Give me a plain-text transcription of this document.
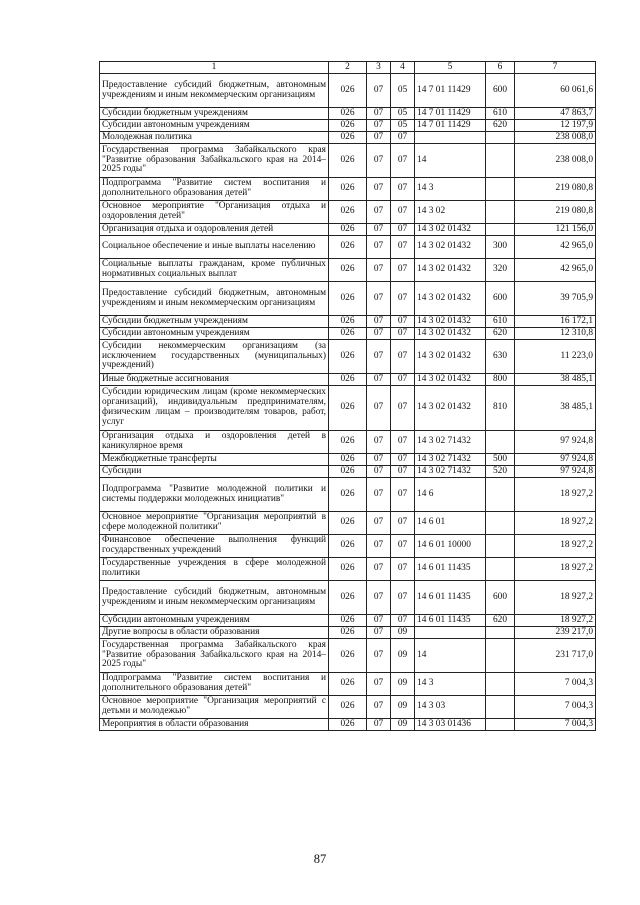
1	2	3	4	5	6	7
Предоставление субсидий бюджетным, автономным учреждениям и иным некоммерческим организациям	026	07	05	14 7 01 11429	600	60 061,6
Субсидии бюджетным учреждениям	026	07	05	14 7 01 11429	610	47 863,7
Субсидии автономным учреждениям	026	07	05	14 7 01 11429	620	12 197,9
Молодежная политика	026	07	07			238 008,0
Государственная программа Забайкальского края "Развитие образования Забайкальского края на 2014–2025 годы"	026	07	07	14		238 008,0
Подпрограмма "Развитие систем воспитания и дополнительного образования детей"	026	07	07	14 3		219 080,8
Основное мероприятие "Организация отдыха и оздоровления детей"	026	07	07	14 3 02		219 080,8
Организация отдыха и оздоровления детей	026	07	07	14 3 02 01432		121 156,0
Социальное обеспечение и иные выплаты населению	026	07	07	14 3 02 01432	300	42 965,0
Социальные выплаты гражданам, кроме публичных нормативных социальных выплат	026	07	07	14 3 02 01432	320	42 965,0
Предоставление субсидий бюджетным, автономным учреждениям и иным некоммерческим организациям	026	07	07	14 3 02 01432	600	39 705,9
Субсидии бюджетным учреждениям	026	07	07	14 3 02 01432	610	16 172,1
Субсидии автономным учреждениям	026	07	07	14 3 02 01432	620	12 310,8
Субсидии некоммерческим организациям (за исключением государственных (муниципальных) учреждений)	026	07	07	14 3 02 01432	630	11 223,0
Иные бюджетные ассигнования	026	07	07	14 3 02 01432	800	38 485,1
Субсидии юридическим лицам (кроме некоммерческих организаций), индивидуальным предпринимателям, физическим лицам – производителям товаров, работ, услуг	026	07	07	14 3 02 01432	810	38 485,1
Организация отдыха и оздоровления детей в каникулярное время	026	07	07	14 3 02 71432		97 924,8
Межбюджетные трансферты	026	07	07	14 3 02 71432	500	97 924,8
Субсидии	026	07	07	14 3 02 71432	520	97 924,8
Подпрограмма "Развитие молодежной политики и системы поддержки молодежных инициатив"	026	07	07	14 6		18 927,2
Основное мероприятие "Организация мероприятий в сфере молодежной политики"	026	07	07	14 6 01		18 927,2
Финансовое обеспечение выполнения функций государственных учреждений	026	07	07	14 6 01 10000		18 927,2
Государственные учреждения в сфере молодежной политики	026	07	07	14 6 01 11435		18 927,2
Предоставление субсидий бюджетным, автономным учреждениям и иным некоммерческим организациям	026	07	07	14 6 01 11435	600	18 927,2
Субсидии автономным учреждениям	026	07	07	14 6 01 11435	620	18 927,2
Другие вопросы в области образования	026	07	09			239 217,0
Государственная программа Забайкальского края "Развитие образования Забайкальского края на 2014–2025 годы"	026	07	09	14		231 717,0
Подпрограмма "Развитие систем воспитания и дополнительного образования детей"	026	07	09	14 3		7 004,3
Основное мероприятие "Организация мероприятий с детьми и молодежью"	026	07	09	14 3 03		7 004,3
Мероприятия в области образования	026	07	09	14 3 03 01436		7 004,3
87
